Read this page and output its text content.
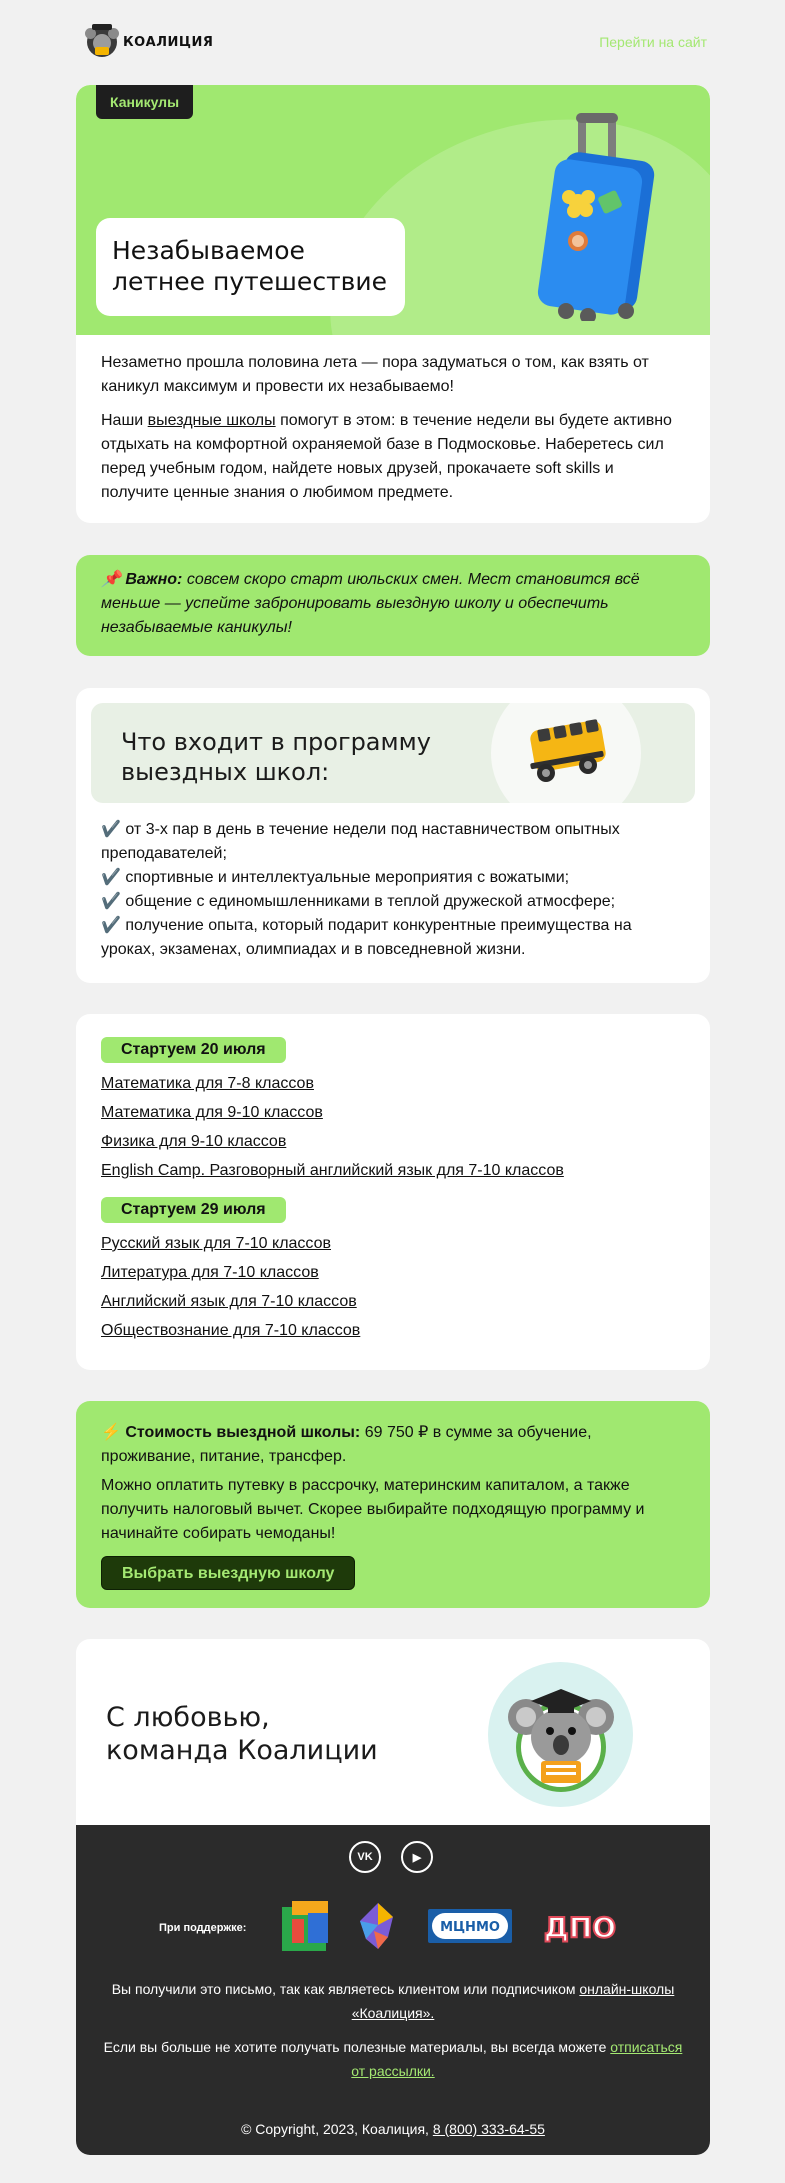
КОАЛИЦИЯ	Перейти на сайт
Каникулы
Незабываемое
летнее путешествие

Незаметно прошла половина лета — пора задуматься о том, как взять от каникул максимум и провести их незабываемо!

Наши выездные школы помогут в этом: в течение недели вы будете активно отдыхать на комфортной охраняемой базе в Подмосковье. Наберетесь сил перед учебным годом, найдете новых друзей, прокачаете soft skills и получите ценные знания о любимом предмете.

📌 Важно: совсем скоро старт июльских смен. Мест становится всё меньше — успейте забронировать выездную школу и обеспечить незабываемые каникулы!
Что входит в программу
выездных школ:
✔️ от 3-х пар в день в течение недели под наставничеством опытных преподавателей;
✔️ спортивные и интеллектуальные мероприятия с вожатыми;
✔️ общение с единомышленниками в теплой дружеской атмосфере;
✔️ получение опыта, который подарит конкурентные преимущества на уроках, экзаменах, олимпиадах и в повседневной жизни.
Стартуем 20 июля
Математика для 7-8 классов
Математика для 9-10 классов
Физика для 9-10 классов
English Camp. Разговорный английский язык для 7-10 классов
Стартуем 29 июля
Русский язык для 7-10 классов
Литература для 7-10 классов
Английский язык для 7-10 классов
Обществознание для 7-10 классов

⚡ Стоимость выездной школы: 69 750 ₽ в сумме за обучение, проживание, питание, трансфер.

Можно оплатить путевку в рассрочку, материнским капиталом, а также получить налоговый вычет. Скорее выбирайте подходящую программу и начинайте собирать чемоданы!

Выбрать выездную школу
С любовью,
команда Коалиции
VK	▶
При поддержке:	МЦНМО ДПО
Вы получили это письмо, так как являетесь клиентом или подписчиком онлайн-школы «Коалиция».
Если вы больше не хотите получать полезные материалы, вы всегда можете отписаться от рассылки.
© Copyright, 2023, Коалиция, 8 (800) 333-64-55
